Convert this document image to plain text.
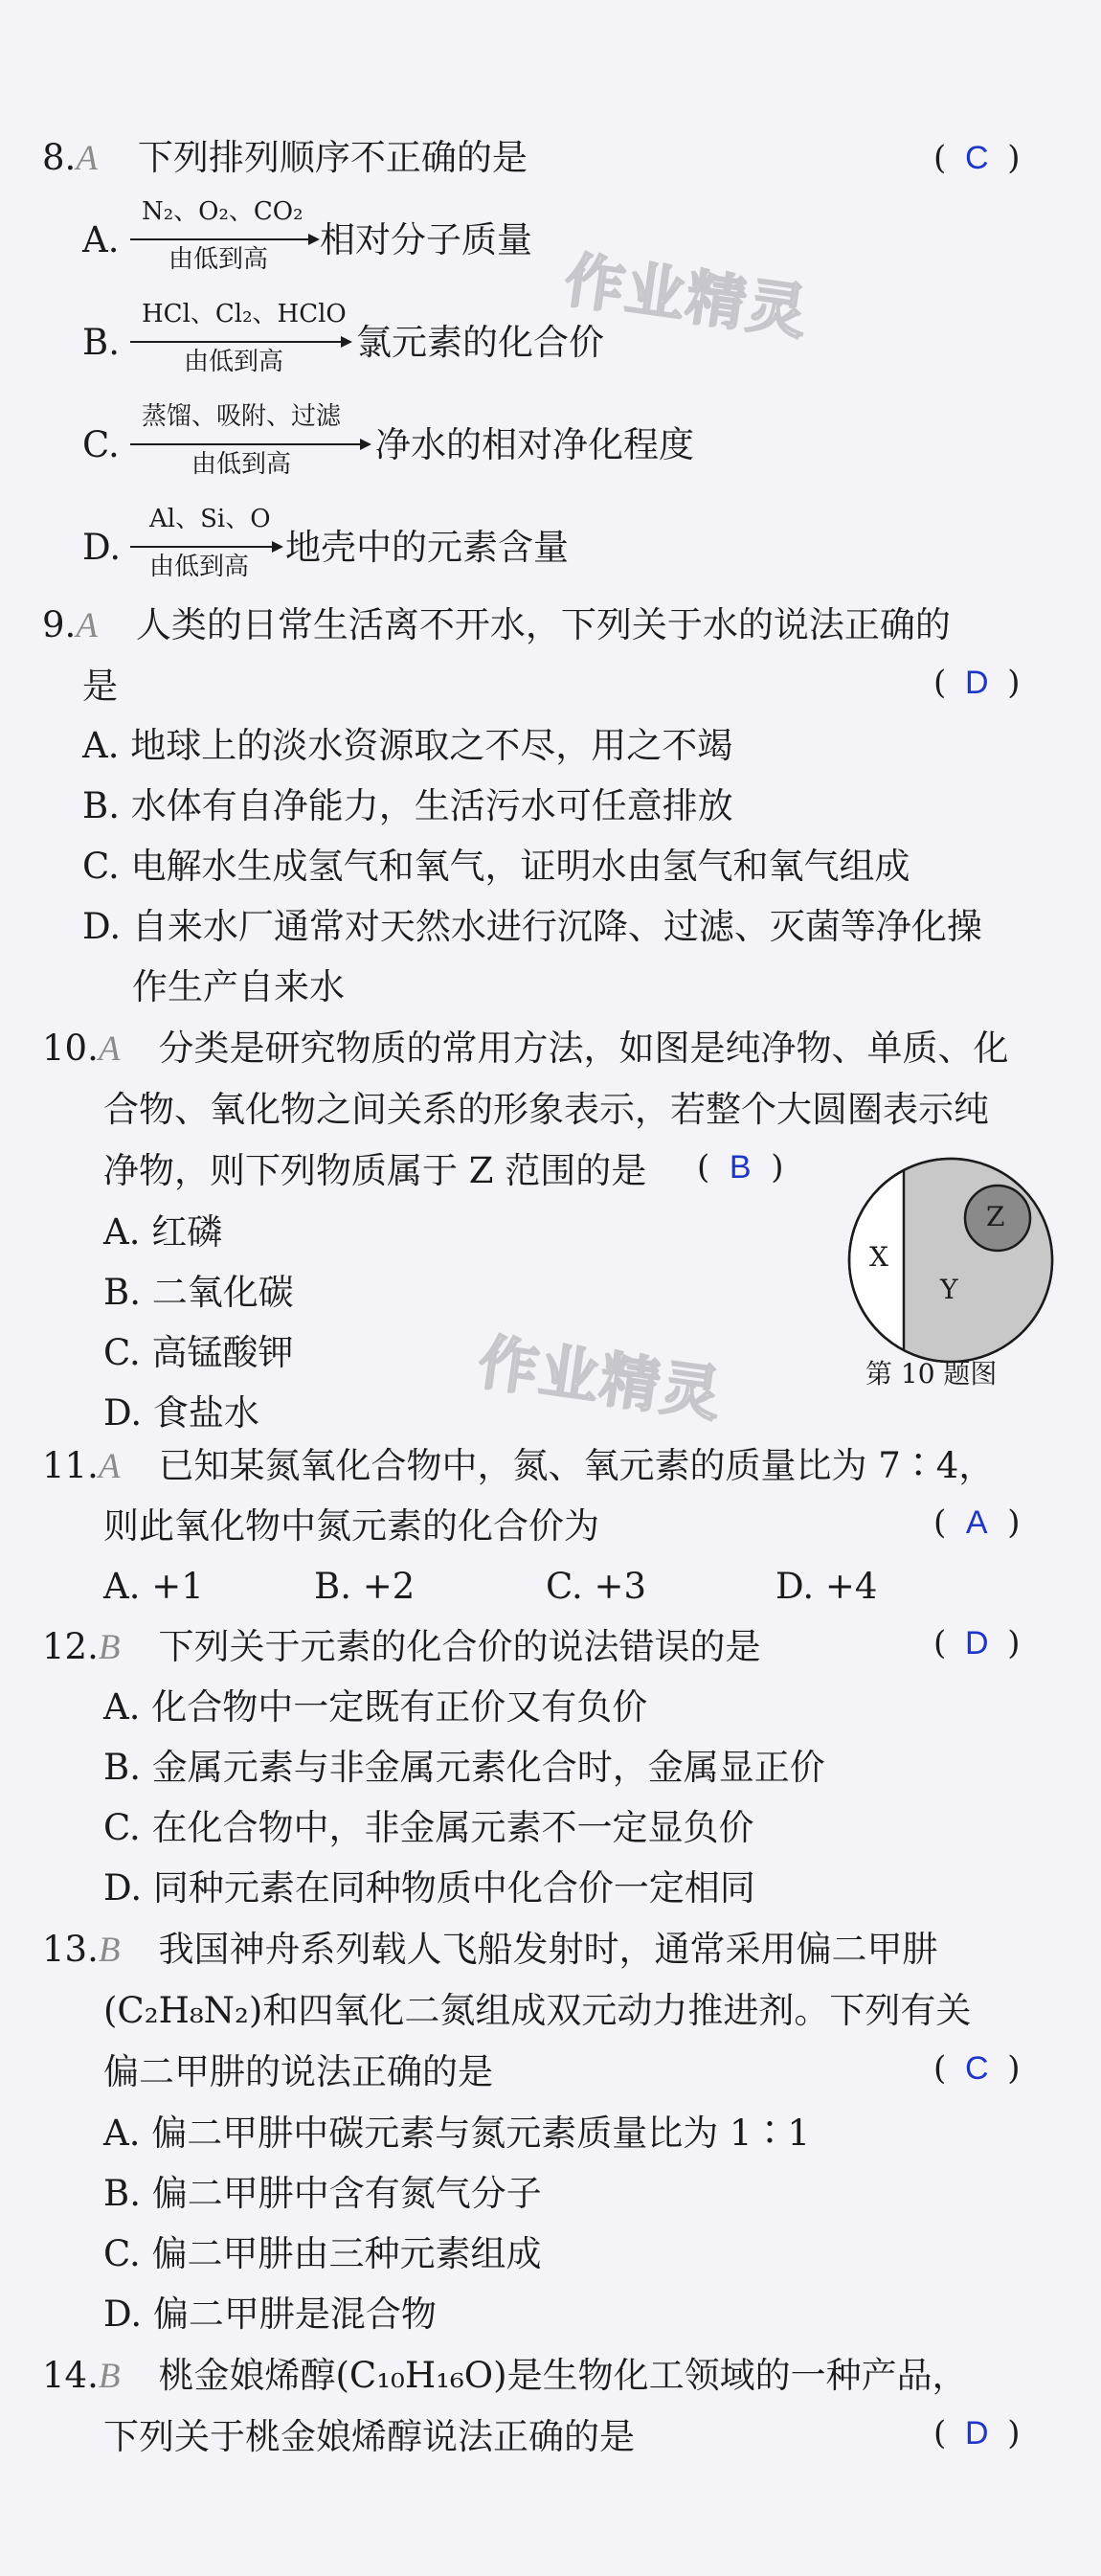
作业精灵
作业精灵
8.A 下列排列顺序不正确的是	( C )
A.
N₂、O₂、CO₂
由低到高 相对分子质量
B.
HCl、Cl₂、HClO
由低到高 氯元素的化合价
C.
蒸馏、吸附、过滤
由低到高 净水的相对净化程度
D.
Al、Si、O
由低到高 地壳中的元素含量
9.A 人类的日常生活离不开水，下列关于水的说法正确的
是	( D )
A. 地球上的淡水资源取之不尽，用之不竭
B. 水体有自净能力，生活污水可任意排放
C. 电解水生成氢气和氧气，证明水由氢气和氧气组成
D. 自来水厂通常对天然水进行沉降、过滤、灭菌等净化操
作生产自来水
10.A 分类是研究物质的常用方法，如图是纯净物、单质、化
合物、氧化物之间关系的形象表示，若整个大圆圈表示纯
净物，则下列物质属于 Z 范围的是 ( B )
A. 红磷
B. 二氧化碳
C. 高锰酸钾
D. 食盐水
X
Y
Z
第 10 题图
11.A 已知某氮氧化合物中，氮、氧元素的质量比为 7∶4，
则此氧化物中氮元素的化合价为	( A )
A. +1	B. +2	C. +3	D. +4
12.B 下列关于元素的化合价的说法错误的是	( D )
A. 化合物中一定既有正价又有负价
B. 金属元素与非金属元素化合时，金属显正价
C. 在化合物中，非金属元素不一定显负价
D. 同种元素在同种物质中化合价一定相同
13.B 我国神舟系列载人飞船发射时，通常采用偏二甲肼
(C₂H₈N₂)和四氧化二氮组成双元动力推进剂。下列有关
偏二甲肼的说法正确的是	( C )
A. 偏二甲肼中碳元素与氮元素质量比为 1∶1
B. 偏二甲肼中含有氮气分子
C. 偏二甲肼由三种元素组成
D. 偏二甲肼是混合物
14.B 桃金娘烯醇(C₁₀H₁₆O)是生物化工领域的一种产品，
下列关于桃金娘烯醇说法正确的是	( D )
